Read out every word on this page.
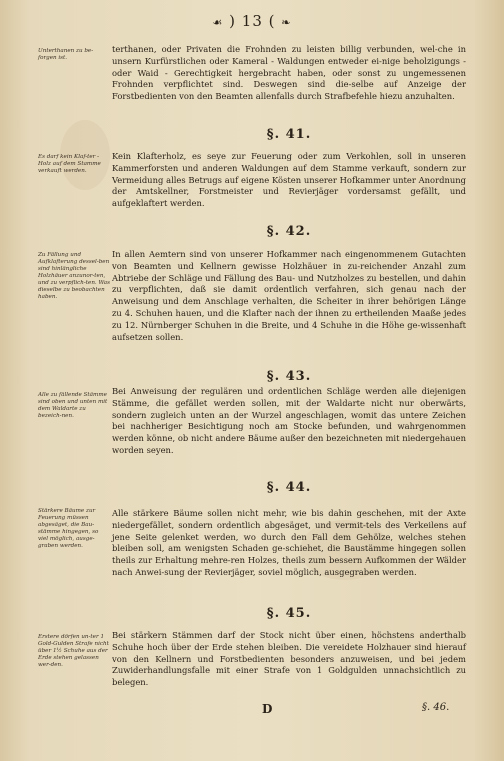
☙ ) 13 ( ❧
Unterthanen zu be-forgen ist.

terthanen, oder Privaten die Frohnden zu leisten billig verbunden, wel-che in unsern Kurfürstlichen oder Kameral - Waldungen entweder ei-nige beholzigungs - oder Waid - Gerechtigkeit hergebracht haben, oder sonst zu ungemessenen Frohnden verpflichtet sind. Deswegen sind die-selbe auf Anzeige der Forstbedienten von den Beamten allenfalls durch Strafbefehle hiezu anzuhalten.

§. 41.
Es darf kein Klaf-ter - Holz auf dem Stamme verkauft werden.

Kein Klafterholz, es seye zur Feuerung oder zum Verkohlen, soll in unseren Kammerforsten und anderen Waldungen auf dem Stamme verkauft, sondern zur Vermeidung alles Betrugs auf eigene Kösten unserer Hofkammer unter Anordnung der Amtskellner, Forstmeister und Revierjäger vordersamst gefällt, und aufgeklaftert werden.

§. 42.
Zu Fällung und Aufklafterung dessel-ben sind hinlängliche Holzhäuer anzunor-ten, und zu verpflich-ten. Was dieselbe zu beobachten haben.

In allen Aemtern sind von unserer Hofkammer nach eingenommenem Gutachten von Beamten und Kellnern gewisse Holzhäuer in zu-reichender Anzahl zum Abtriebe der Schläge und Fällung des Bau- und Nutzholzes zu bestellen, und dahin zu verpflichten, daß sie damit ordentlich verfahren, sich genau nach der Anweisung und dem Anschlage verhalten, die Scheiter in ihrer behörigen Länge zu 4. Schuhen hauen, und die Klafter nach der ihnen zu ertheilenden Maaße jedes zu 12. Nürnberger Schuhen in die Breite, und 4 Schuhe in die Höhe ge-wissenhaft aufsetzen sollen.

§. 43.
Alle zu fällende Stämme sind oben und unten mit dem Waldarte zu bezeich-nen.

Bei Anweisung der regulären und ordentlichen Schläge werden alle diejenigen Stämme, die gefället werden sollen, mit der Waldarte nicht nur oberwärts, sondern zugleich unten an der Wurzel angeschlagen, womit das untere Zeichen bei nachheriger Besichtigung noch am Stocke befunden, und wahrgenommen werden könne, ob nicht andere Bäume außer den bezeichneten mit niedergehauen worden seyen.

§. 44.
Stärkere Bäume zur Feuerung müssen abgesäget, die Bau-stämme hingegen, so viel möglich, ausge-graben werden.

Alle stärkere Bäume sollen nicht mehr, wie bis dahin geschehen, mit der Axte niedergefället, sondern ordentlich abgesäget, und vermit-tels des Verkeilens auf jene Seite gelenket werden, wo durch den Fall dem Gehölze, welches stehen bleiben soll, am wenigsten Schaden ge-schiehet, die Baustämme hingegen sollen theils zur Erhaltung mehre-ren Holzes, theils zum bessern Aufkommen der Wälder nach Anwei-sung der Revierjäger, soviel möglich, ausgegraben werden.

§. 45.
Erstere dörfen un-ter 1 Gold-Gulden Strafe nicht über 1½ Schuhe aus der Erde stehen gelassen wer-den.

Bei stärkern Stämmen darf der Stock nicht über einen, höchstens anderthalb Schuhe hoch über der Erde stehen bleiben. Die vereidete Holzhauer sind hierauf von den Kellnern und Forstbedienten besonders anzuweisen, und bei jedem Zuwiderhandlungsfalle mit einer Strafe von 1 Goldgulden unnachsichtlich zu belegen.

D	§. 46.
